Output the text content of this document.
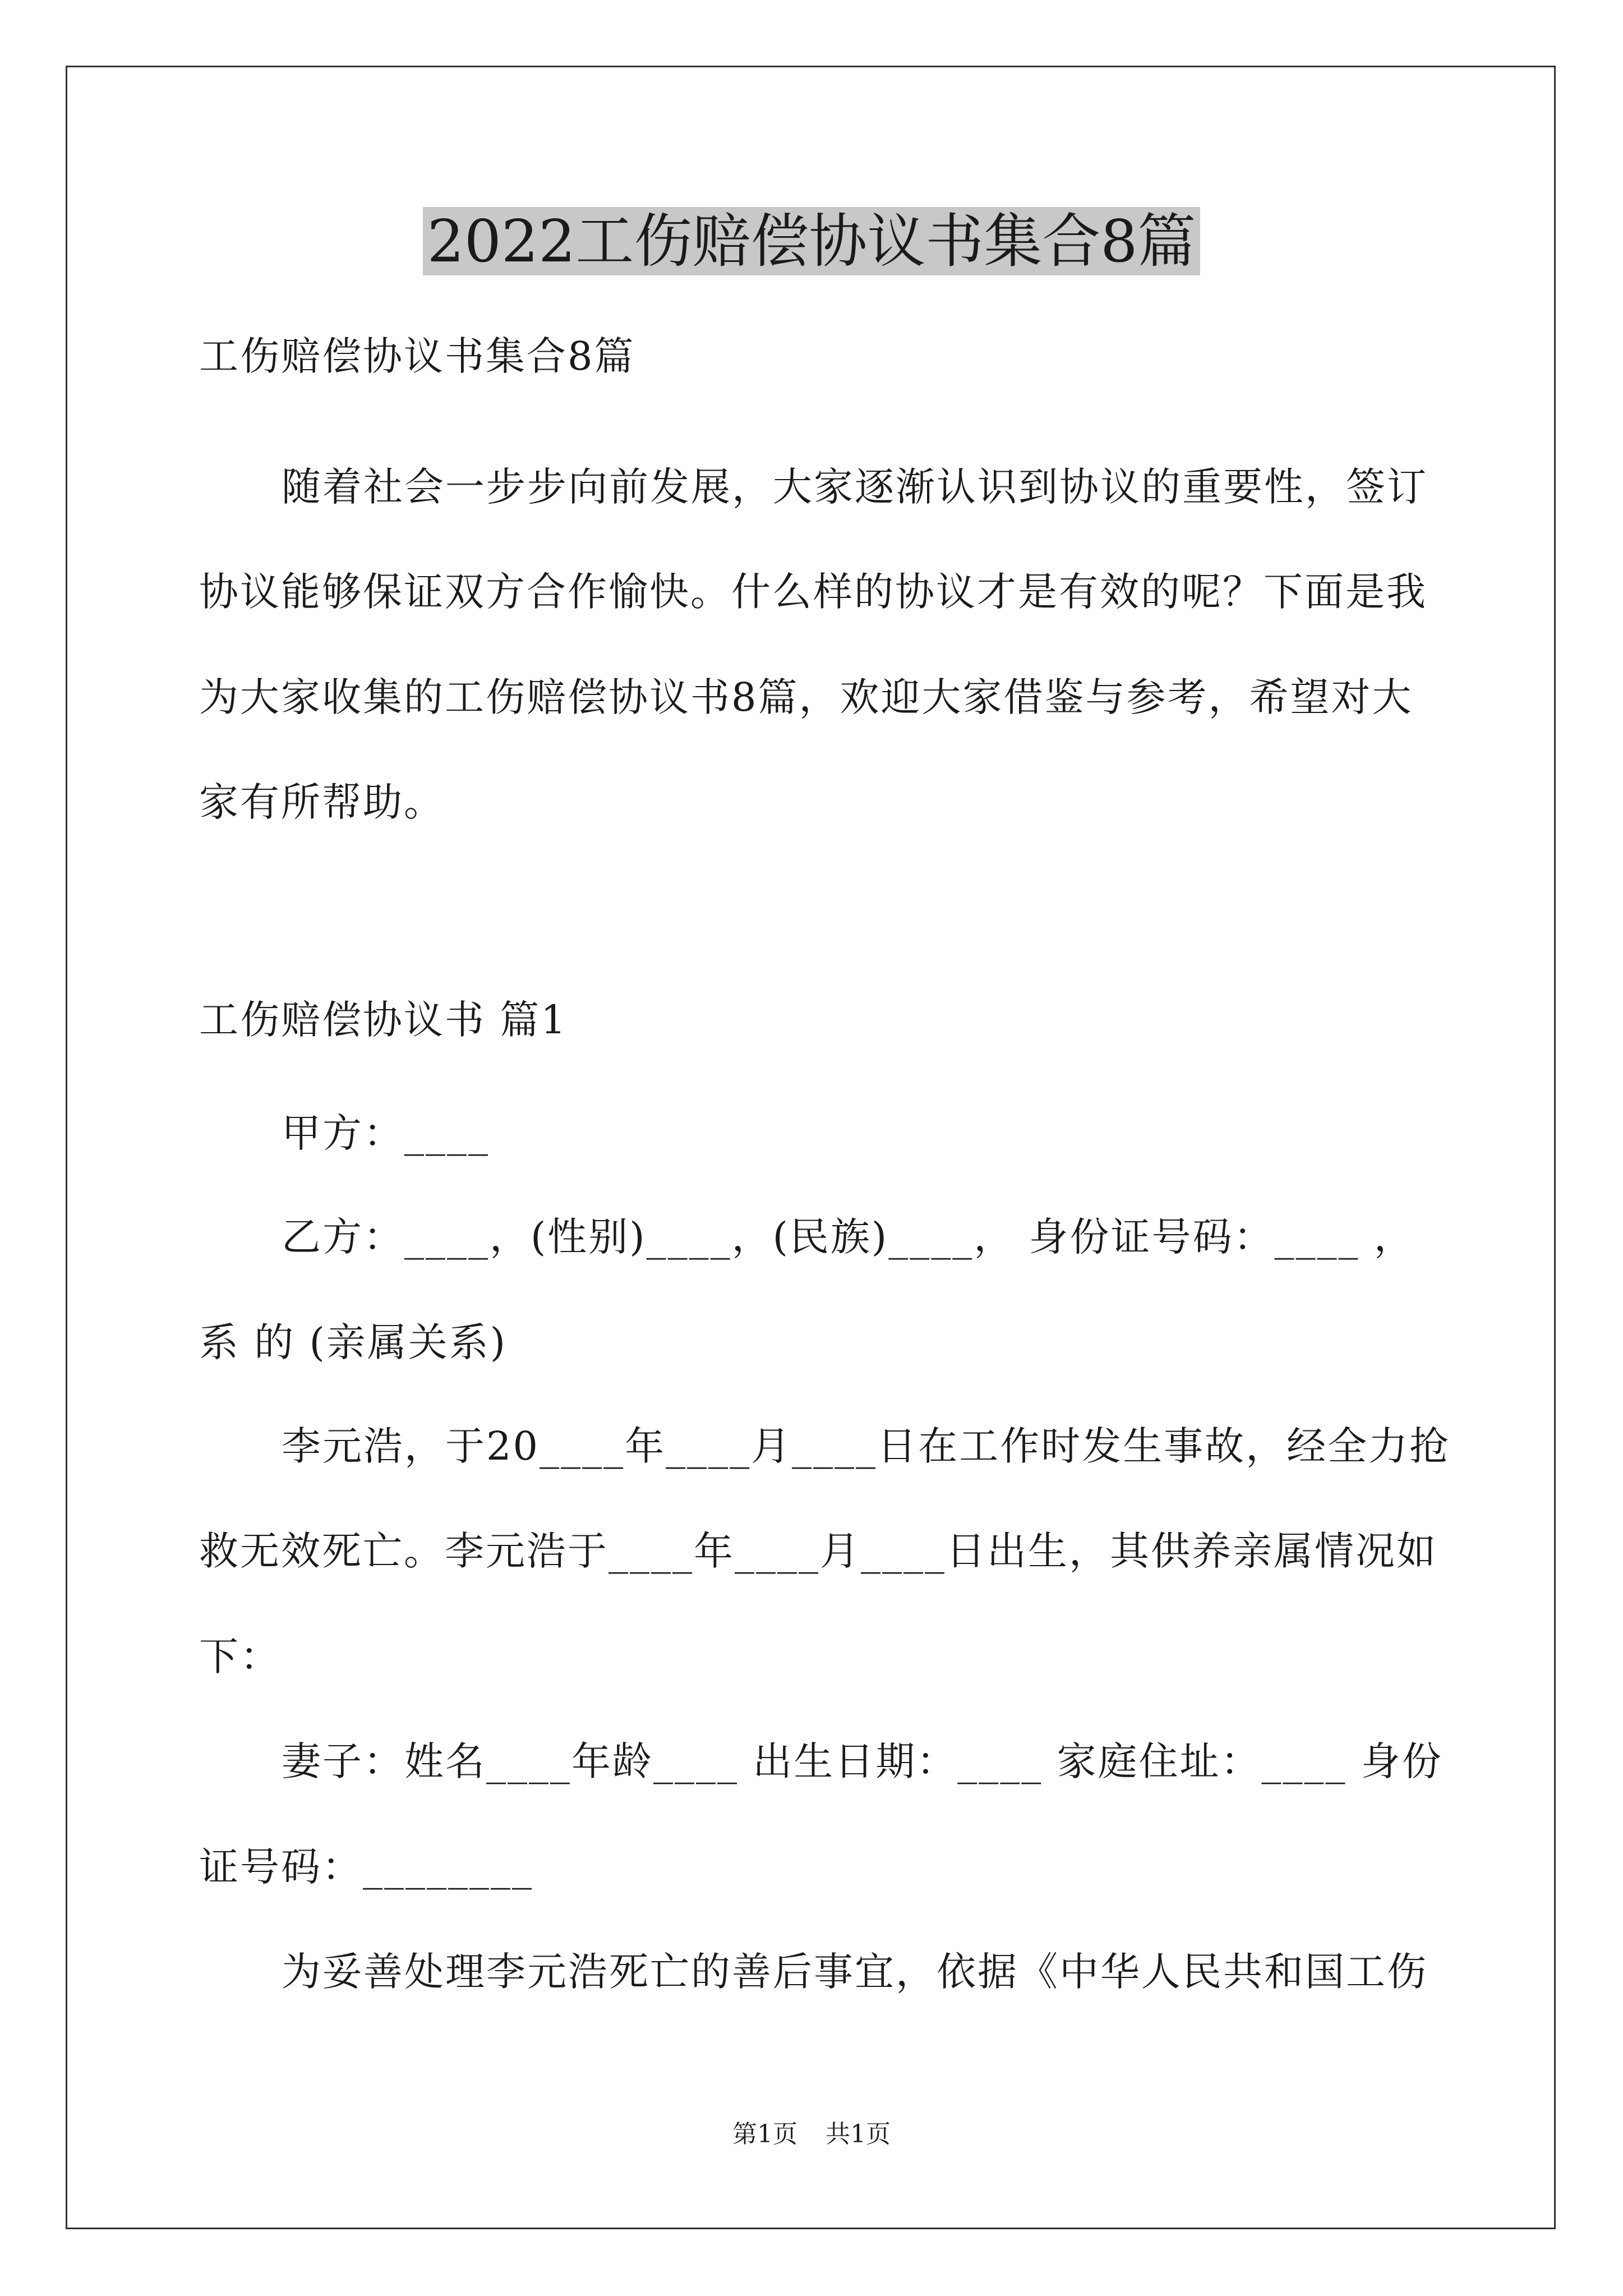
2022工伤赔偿协议书集合8篇
工伤赔偿协议书集合8篇
随着社会一步步向前发展，大家逐渐认识到协议的重要性，签订
协议能够保证双方合作愉快。什么样的协议才是有效的呢？下面是我
为大家收集的工伤赔偿协议书8篇，欢迎大家借鉴与参考，希望对大
家有所帮助。
工伤赔偿协议书 篇1
甲方：____
乙方：____，(性别)____，(民族)____， 身份证号码：____ ，
系 的 (亲属关系)
李元浩，于20____年____月____日在工作时发生事故，经全力抢
救无效死亡。李元浩于____年____月____日出生，其供养亲属情况如
下：
妻子：姓名____年龄____ 出生日期：____ 家庭住址：____ 身份
证号码：________
为妥善处理李元浩死亡的善后事宜，依据《中华人民共和国工伤
第1页 共1页
